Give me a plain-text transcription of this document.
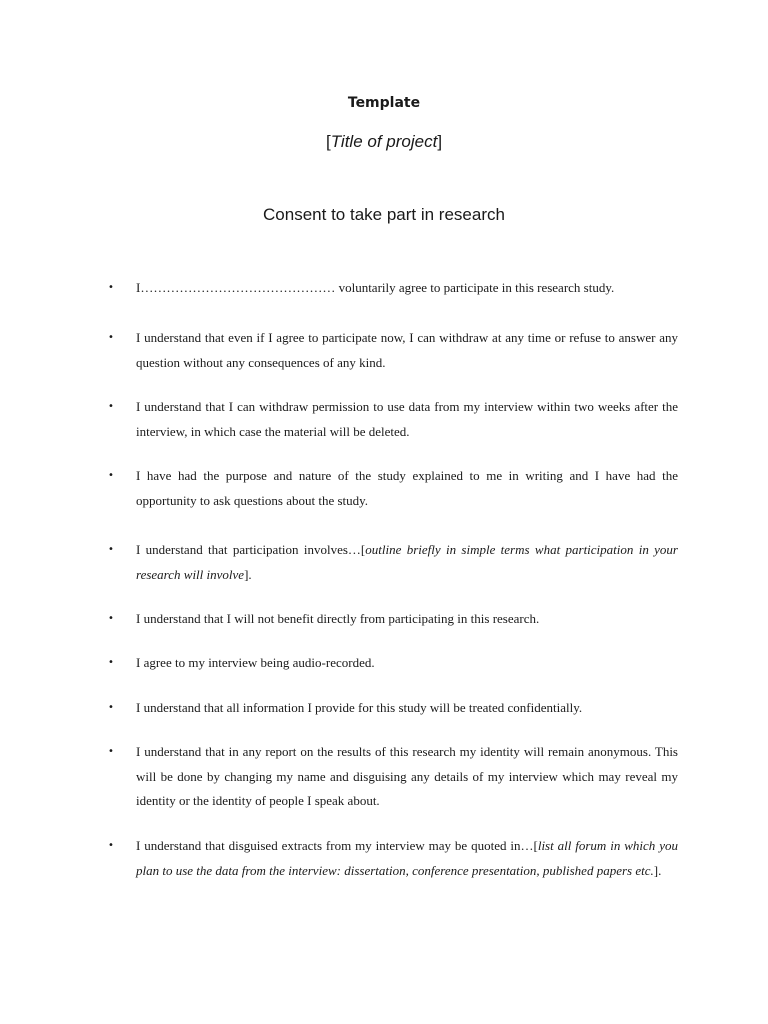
Template
[Title of project]
Consent to take part in research
• I……………………………………… voluntarily agree to participate in this research study.
• I understand that even if I agree to participate now, I can withdraw at any time or refuse to answer any question without any consequences of any kind.
• I understand that I can withdraw permission to use data from my interview within two weeks after the interview, in which case the material will be deleted.
• I have had the purpose and nature of the study explained to me in writing and I have had the opportunity to ask questions about the study.
• I understand that participation involves…[outline briefly in simple terms what participation in your research will involve].
• I understand that I will not benefit directly from participating in this research.
• I agree to my interview being audio-recorded.
• I understand that all information I provide for this study will be treated confidentially.
• I understand that in any report on the results of this research my identity will remain anonymous. This will be done by changing my name and disguising any details of my interview which may reveal my identity or the identity of people I speak about.
• I understand that disguised extracts from my interview may be quoted in…[list all forum in which you plan to use the data from the interview: dissertation, conference presentation, published papers etc.].
